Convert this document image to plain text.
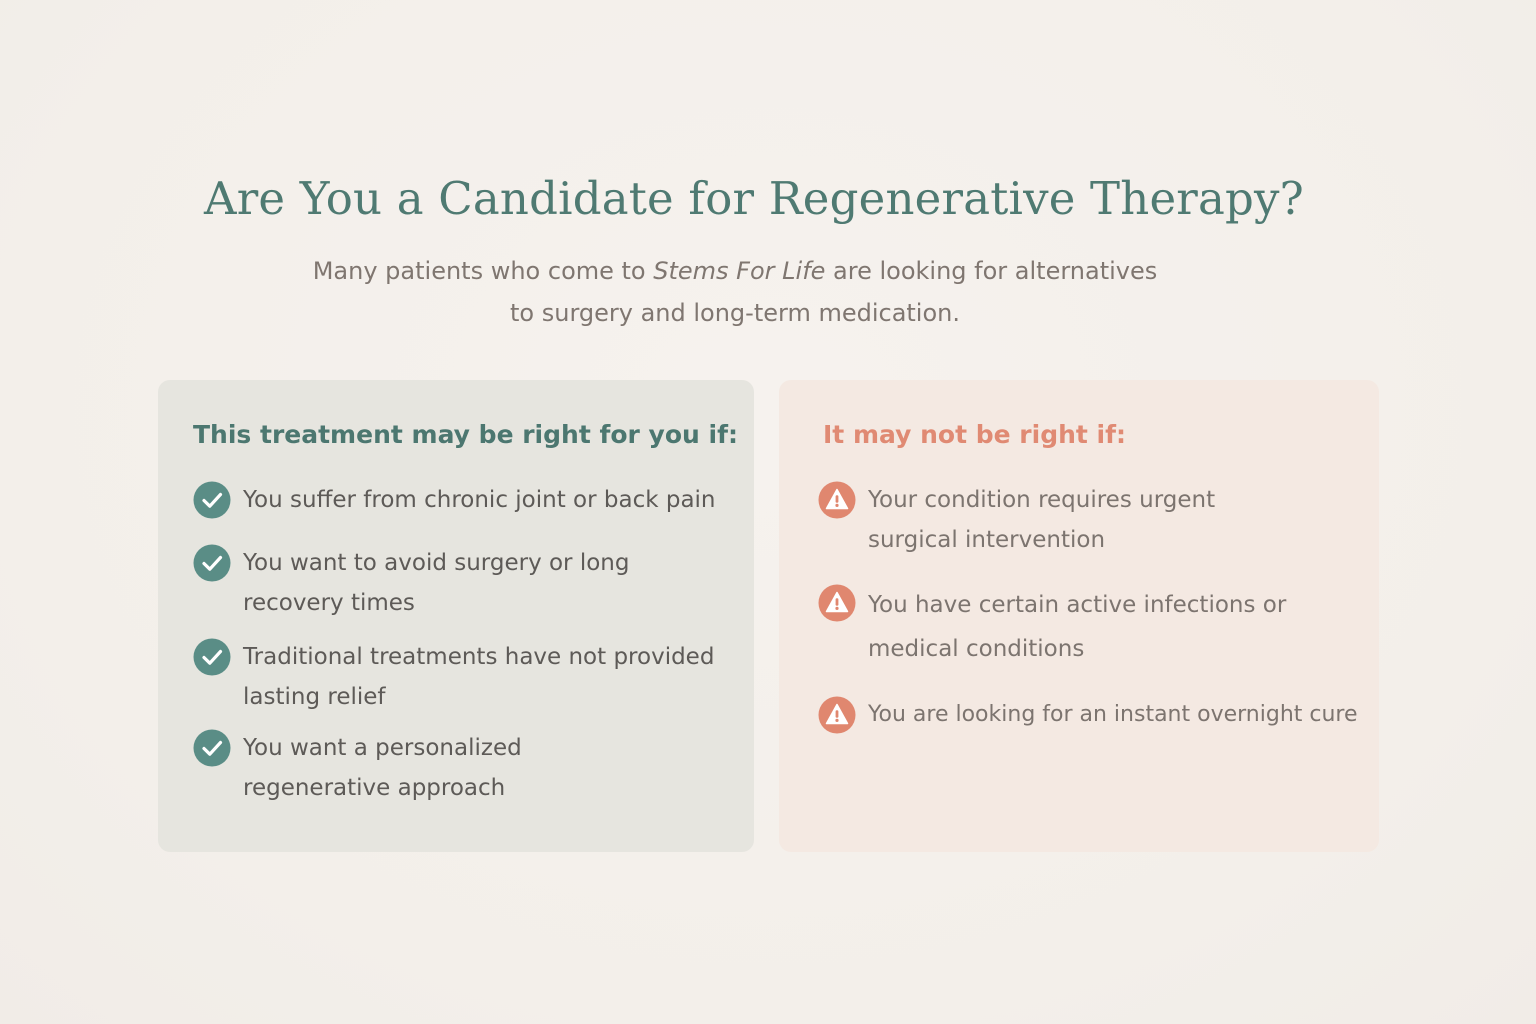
Are You a Candidate for Regenerative Therapy?

Many patients who come to Stems For Life are looking for alternatives to surgery and long-term medication.

This treatment may be right for you if:
You suffer from chronic joint or back pain
You want to avoid surgery or long recovery times
Traditional treatments have not provided lasting relief
You want a personalized regenerative approach
It may not be right if:
Your condition requires urgent surgical intervention
You have certain active infections or medical conditions
You are looking for an instant overnight cure
